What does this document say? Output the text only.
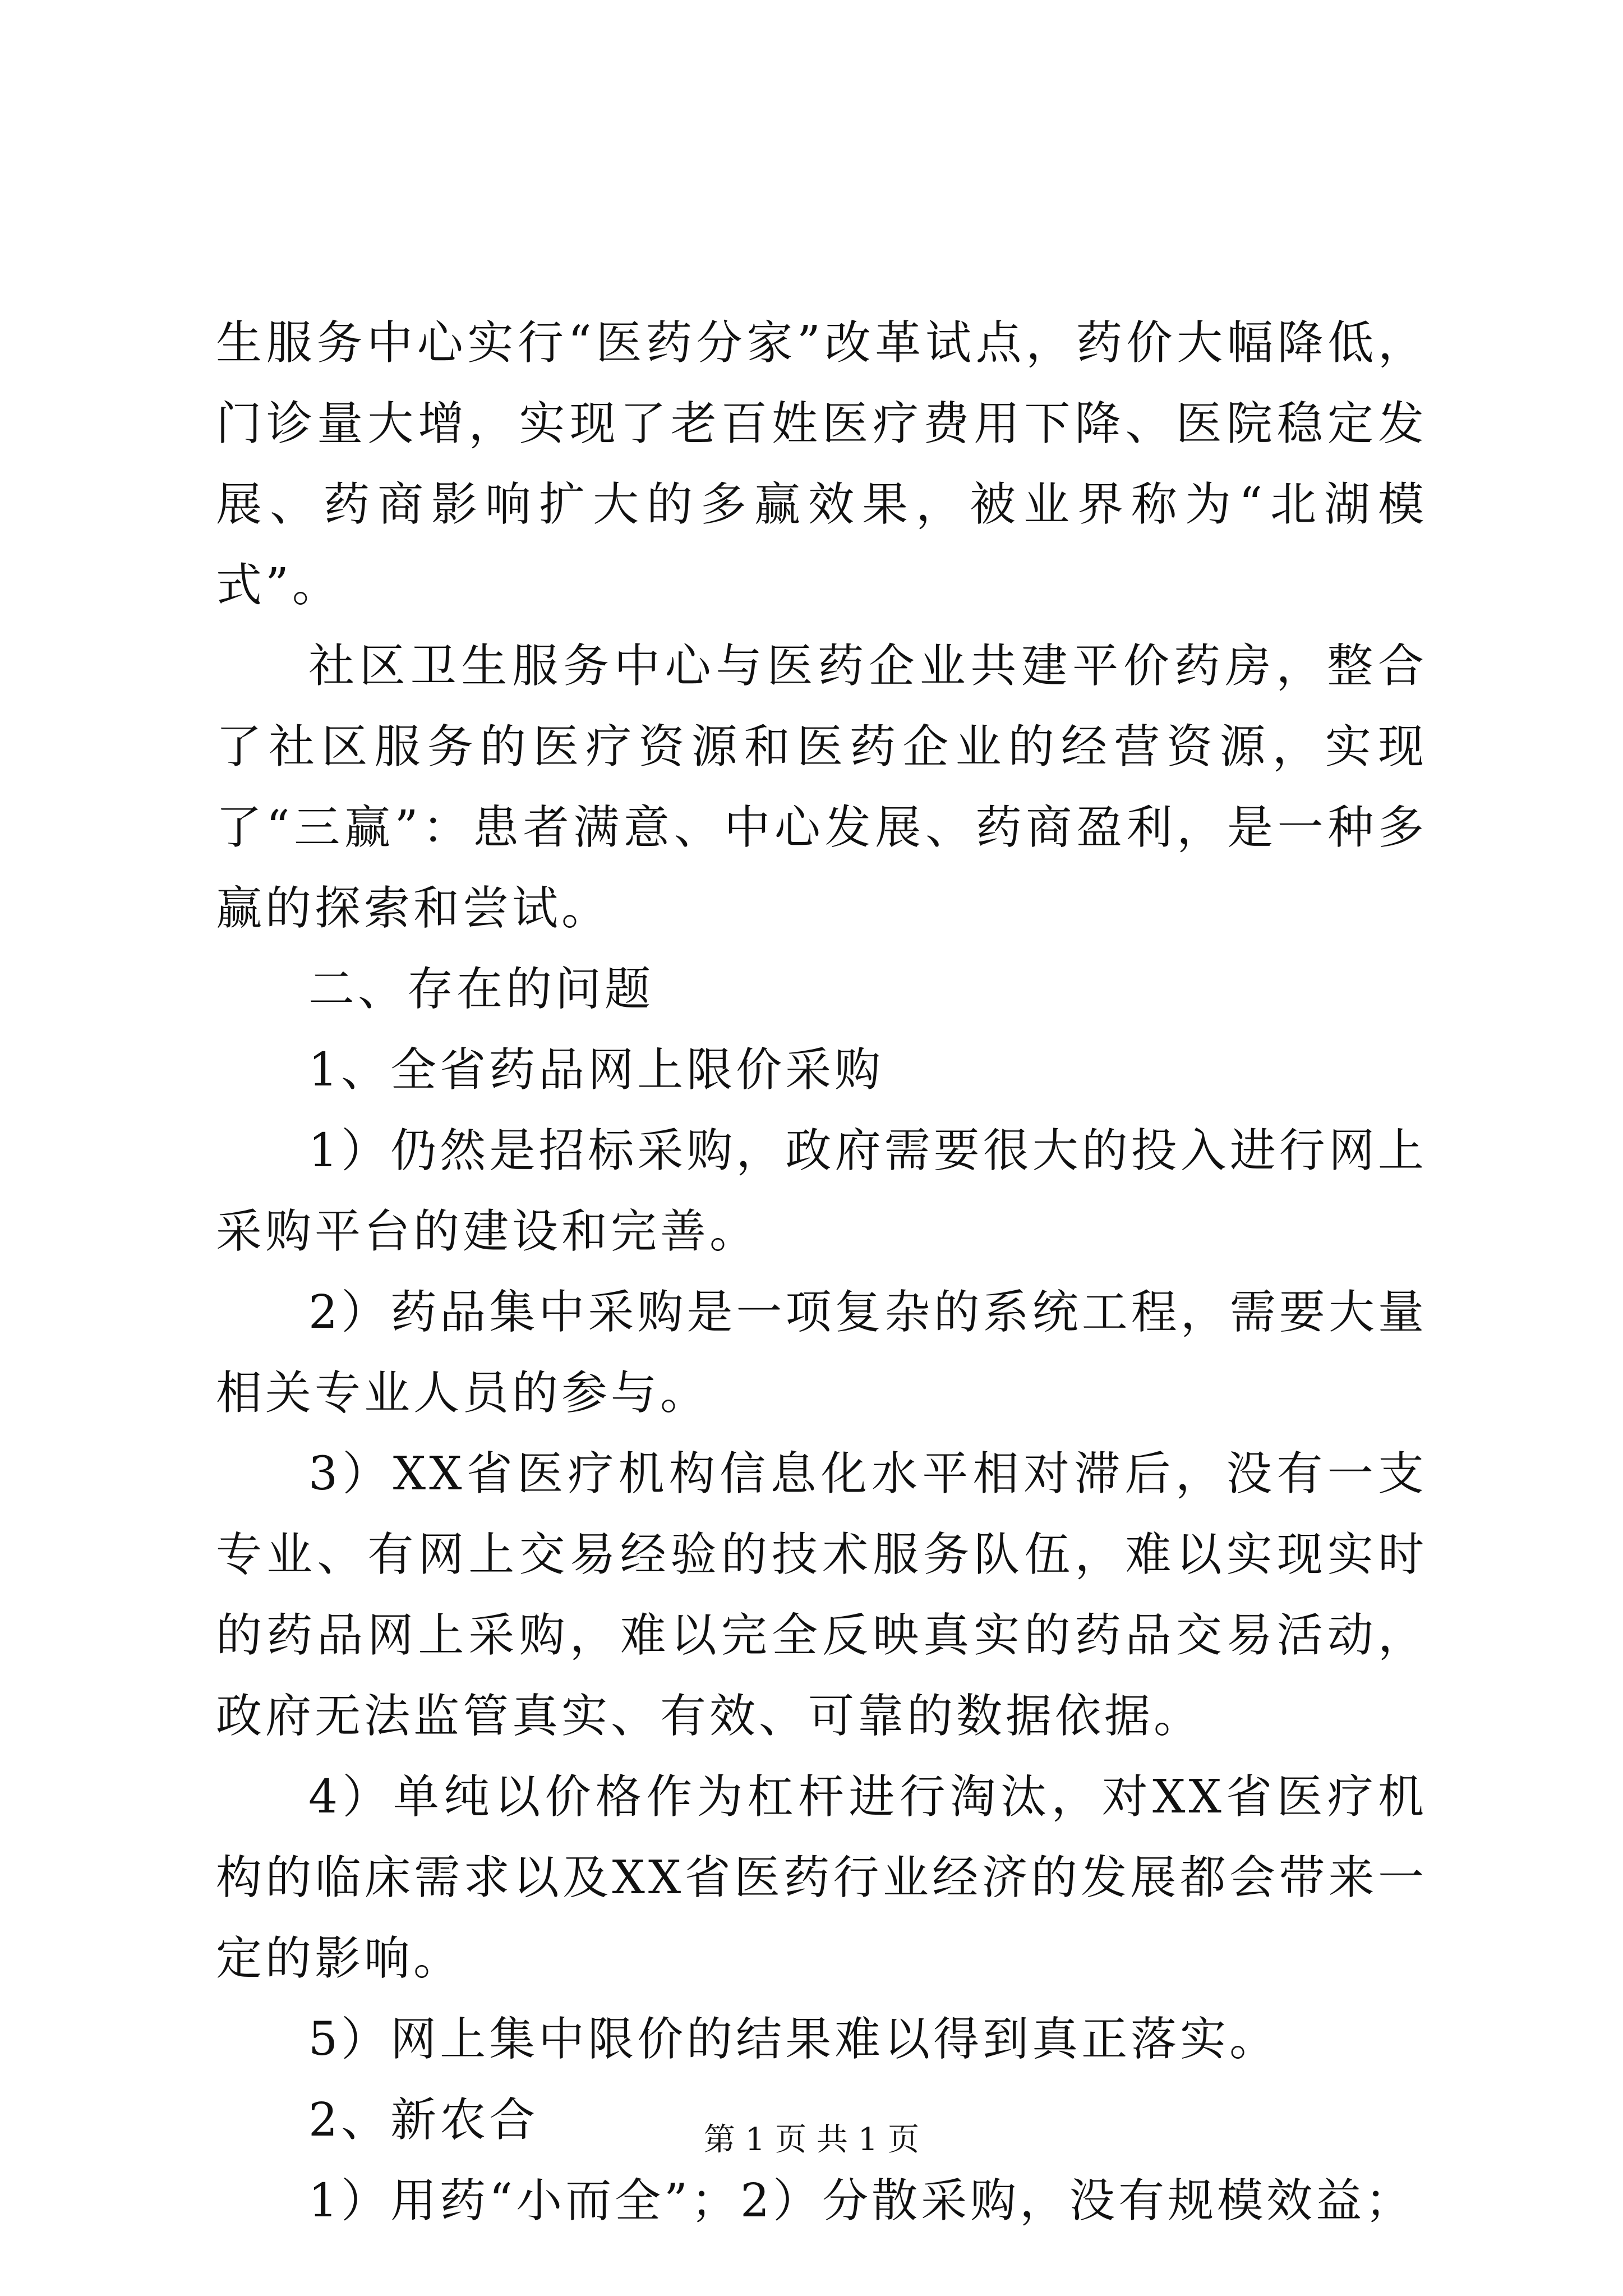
生服务中心实行“医药分家”改革试点，药价大幅降低，门诊量大增，实现了老百姓医疗费用下降、医院稳定发展、药商影响扩大的多赢效果，被业界称为“北湖模式”。

社区卫生服务中心与医药企业共建平价药房，整合了社区服务的医疗资源和医药企业的经营资源，实现了“三赢”：患者满意、中心发展、药商盈利，是一种多赢的探索和尝试。

二、存在的问题

1、全省药品网上限价采购

1）仍然是招标采购，政府需要很大的投入进行网上采购平台的建设和完善。

2）药品集中采购是一项复杂的系统工程，需要大量相关专业人员的参与。

3）XX省医疗机构信息化水平相对滞后，没有一支专业、有网上交易经验的技术服务队伍，难以实现实时的药品网上采购，难以完全反映真实的药品交易活动，政府无法监管真实、有效、可靠的数据依据。

4）单纯以价格作为杠杆进行淘汰，对XX省医疗机构的临床需求以及XX省医药行业经济的发展都会带来一定的影响。

5）网上集中限价的结果难以得到真正落实。

2、新农合

1）用药“小而全”；2）分散采购，没有规模效益；

第 1 页 共 1 页
